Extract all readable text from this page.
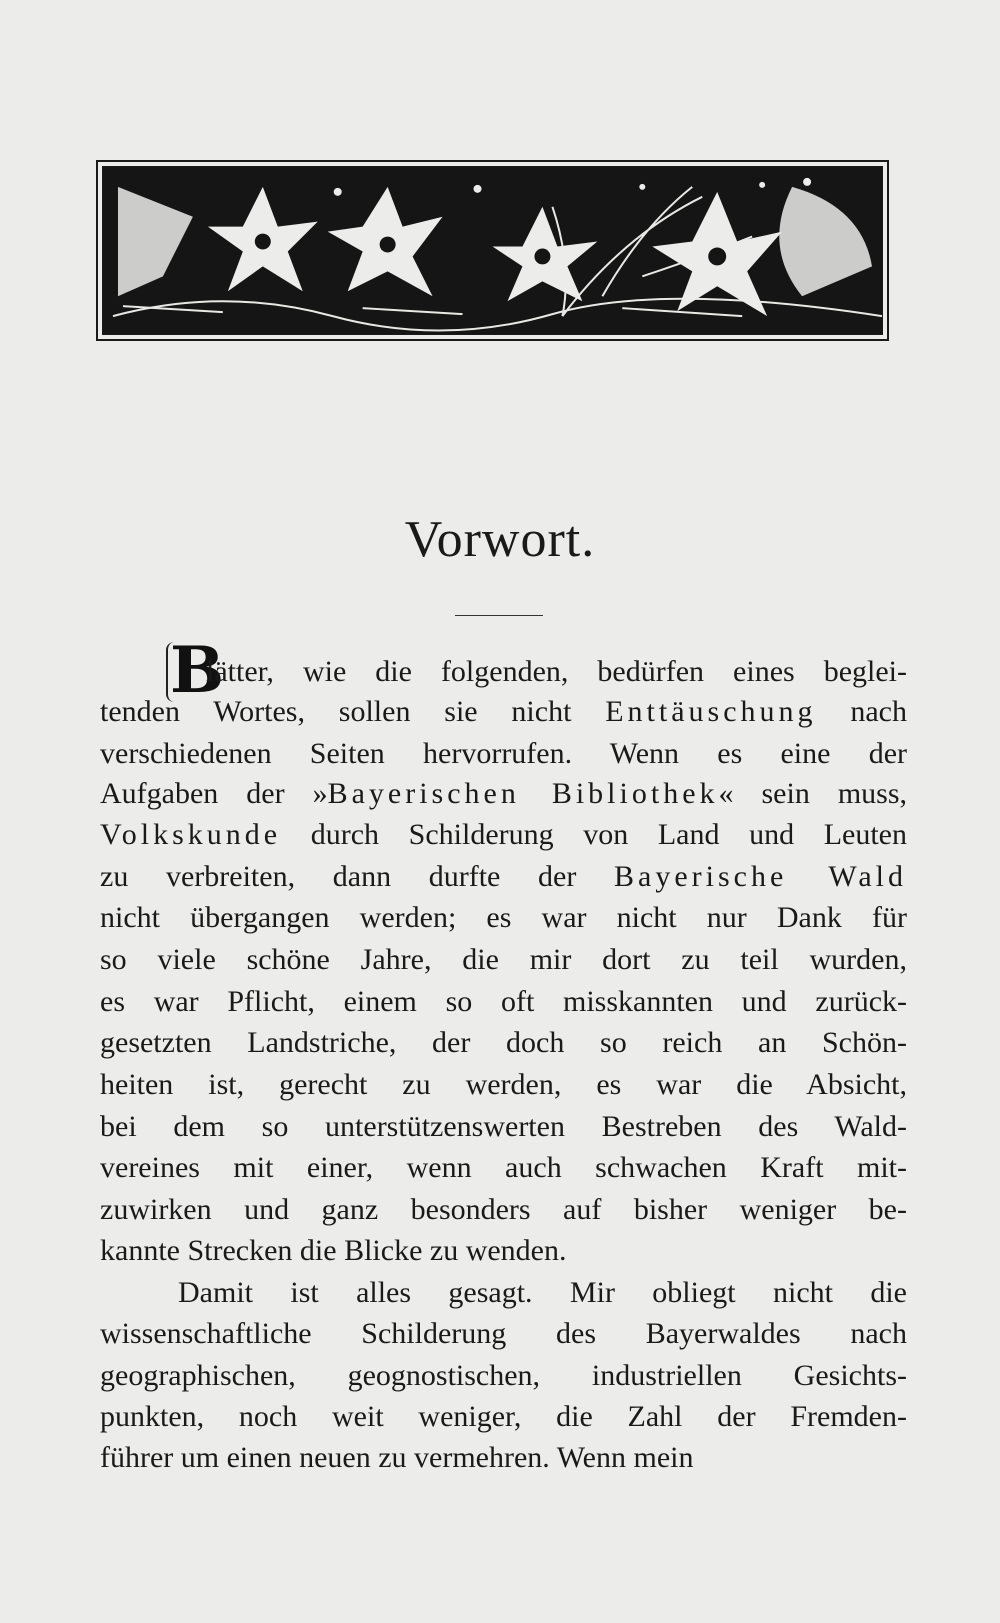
Vorwort.
B
lätter, wie die folgenden, bedürfen eines beglei-
tenden Wortes, sollen sie nicht Enttäuschung nach
verschiedenen Seiten hervorrufen. Wenn es eine der
Aufgaben der »Bayerischen Bibliothek« sein muss,
Volkskunde durch Schilderung von Land und Leuten
zu verbreiten, dann durfte der Bayerische Wald
nicht übergangen werden; es war nicht nur Dank für
so viele schöne Jahre, die mir dort zu teil wurden,
es war Pflicht, einem so oft misskannten und zurück-
gesetzten Landstriche, der doch so reich an Schön-
heiten ist, gerecht zu werden, es war die Absicht,
bei dem so unterstützenswerten Bestreben des Wald-
vereines mit einer, wenn auch schwachen Kraft mit-
zuwirken und ganz besonders auf bisher weniger be-
kannte Strecken die Blicke zu wenden.
Damit ist alles gesagt. Mir obliegt nicht die
wissenschaftliche Schilderung des Bayerwaldes nach
geographischen, geognostischen, industriellen Gesichts-
punkten, noch weit weniger, die Zahl der Fremden-
führer um einen neuen zu vermehren. Wenn mein
